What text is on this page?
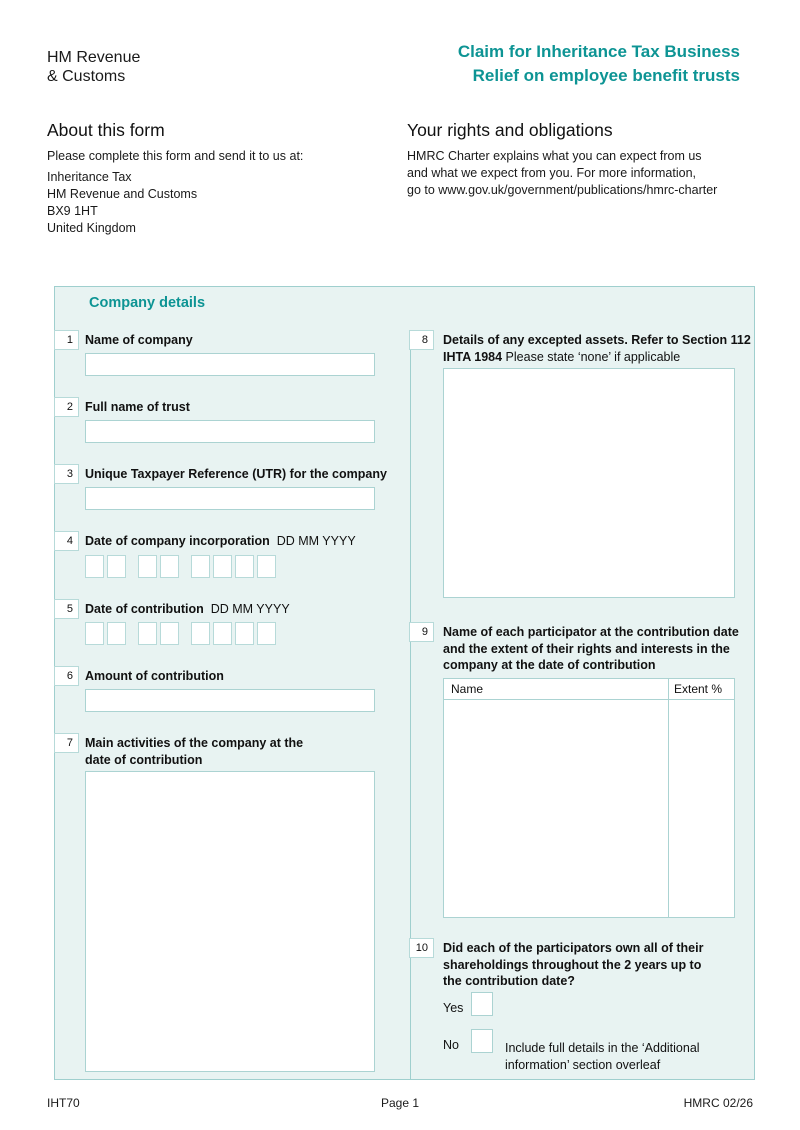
HM Revenue
& Customs
Claim for Inheritance Tax Business
Relief on employee benefit trusts
About this form
Please complete this form and send it to us at:
Inheritance Tax
HM Revenue and Customs
BX9 1HT
United Kingdom
Your rights and obligations
HMRC Charter explains what you can expect from us
and what we expect from you. For more information,
go to www.gov.uk/government/publications/hmrc-charter
Company details
1 Name of company
2 Full name of trust
3 Unique Taxpayer Reference (UTR) for the company
4 Date of company incorporation DD MM YYYY
5 Date of contribution DD MM YYYY
6 Amount of contribution
7 Main activities of the company at the
date of contribution
8	Details of any excepted assets. Refer to Section 112
IHTA 1984 Please state ‘none’ if applicable
9	Name of each participator at the contribution date
and the extent of their rights and interests in the
company at the date of contribution
Name	Extent %
10	Did each of the participators own all of their
shareholdings throughout the 2 years up to
the contribution date?
Yes
No	Include full details in the ‘Additional
information’ section overleaf
IHT70	Page 1	HMRC 02/26
